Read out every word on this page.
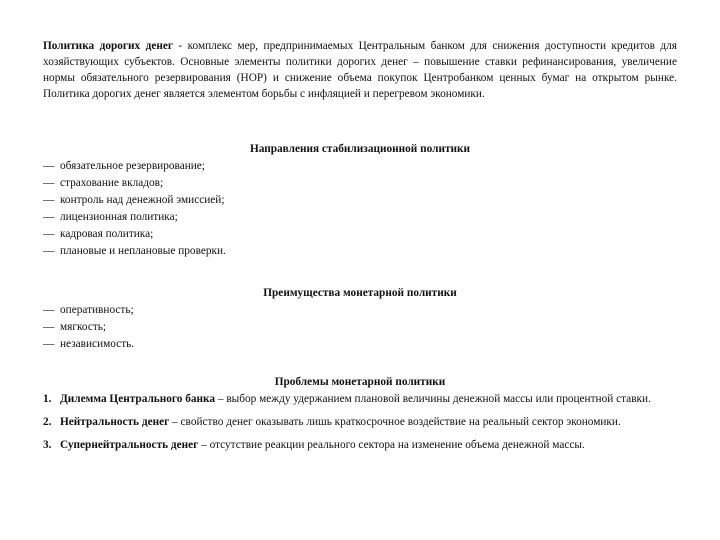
Политика дорогих денег - комплекс мер, предпринимаемых Центральным банком для снижения доступности кредитов для хозяйствующих субъектов. Основные элементы политики дорогих денег – повышение ставки рефинансирования, увеличение нормы обязательного резервирования (НОР) и снижение объема покупок Центробанком ценных бумаг на открытом рынке. Политика дорогих денег является элементом борьбы с инфляцией и перегревом экономики.

Направления стабилизационной политики

— обязательное резервирование;
— страхование вкладов;
— контроль над денежной эмиссией;
— лицензионная политика;
— кадровая политика;
— плановые и неплановые проверки.

Преимущества монетарной политики

— оперативность;
— мягкость;
— независимость.

Проблемы монетарной политики

1. Дилемма Центрального банка – выбор между удержанием плановой величины денежной массы или процентной ставки.
2. Нейтральность денег – свойство денег оказывать лишь краткосрочное воздействие на реальный сектор экономики.
3. Супернейтральность денег – отсутствие реакции реального сектора на изменение объема денежной массы.
